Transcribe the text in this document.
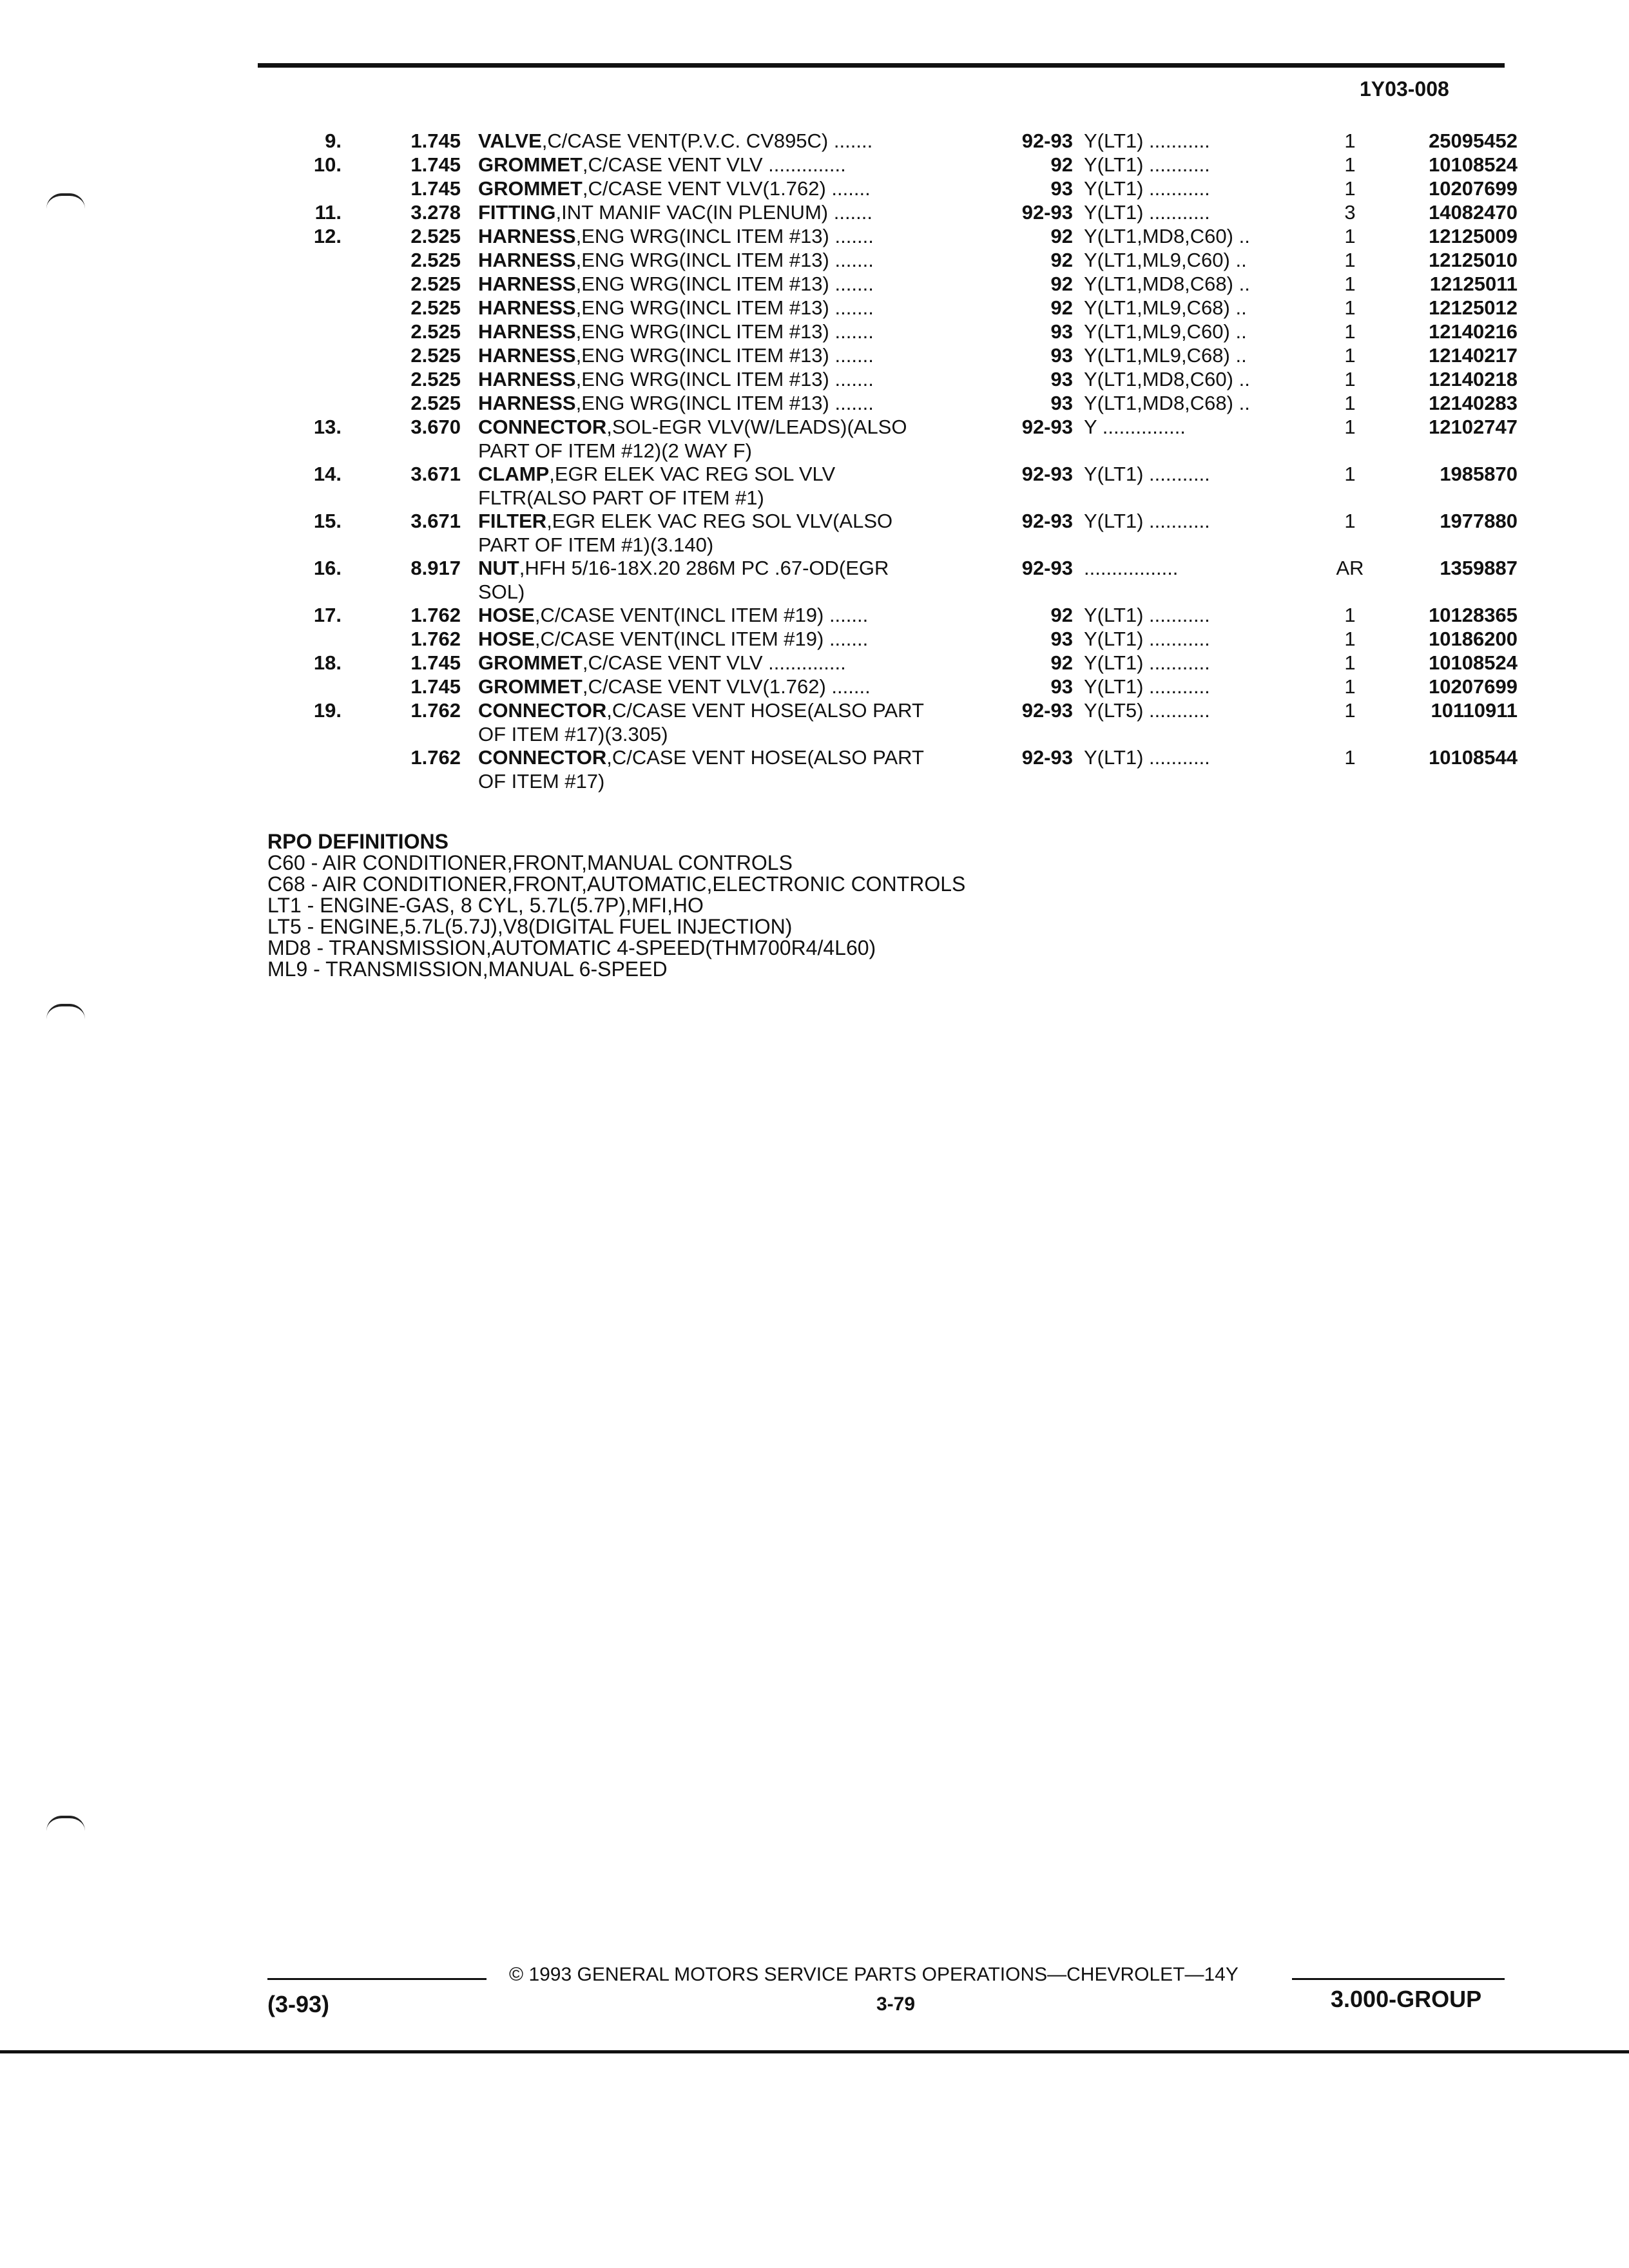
1Y03-008
9.	1.745 VALVE,C/CASE VENT(P.V.C. CV895C) .......	92-93 Y(LT1) ...........	1	25095452
10.	1.745 GROMMET,C/CASE VENT VLV ..............	92 Y(LT1) ...........	1	10108524
1.745 GROMMET,C/CASE VENT VLV(1.762) .......	93 Y(LT1) ...........	1	10207699
11.	3.278 FITTING,INT MANIF VAC(IN PLENUM) .......	92-93 Y(LT1) ...........	3	14082470
12.	2.525 HARNESS,ENG WRG(INCL ITEM #13) .......	92 Y(LT1,MD8,C60) ..	1	12125009
2.525 HARNESS,ENG WRG(INCL ITEM #13) .......	92 Y(LT1,ML9,C60) ..	1	12125010
2.525 HARNESS,ENG WRG(INCL ITEM #13) .......	92 Y(LT1,MD8,C68) ..	1	12125011
2.525 HARNESS,ENG WRG(INCL ITEM #13) .......	92 Y(LT1,ML9,C68) ..	1	12125012
2.525 HARNESS,ENG WRG(INCL ITEM #13) .......	93 Y(LT1,ML9,C60) ..	1	12140216
2.525 HARNESS,ENG WRG(INCL ITEM #13) .......	93 Y(LT1,ML9,C68) ..	1	12140217
2.525 HARNESS,ENG WRG(INCL ITEM #13) .......	93 Y(LT1,MD8,C60) ..	1	12140218
2.525 HARNESS,ENG WRG(INCL ITEM #13) .......	93 Y(LT1,MD8,C68) ..	1	12140283
13.	3.670 CONNECTOR,SOL-EGR VLV(W/LEADS)(ALSO	92-93 Y ...............	1	12102747
PART OF ITEM #12)(2 WAY F)
14.	3.671 CLAMP,EGR ELEK VAC REG SOL VLV	92-93 Y(LT1) ...........	1	1985870
FLTR(ALSO PART OF ITEM #1)
15.	3.671 FILTER,EGR ELEK VAC REG SOL VLV(ALSO	92-93 Y(LT1) ...........	1	1977880
PART OF ITEM #1)(3.140)
16.	8.917 NUT,HFH 5/16-18X.20 286M PC .67-OD(EGR	92-93 .................	AR	1359887
SOL)
17.	1.762 HOSE,C/CASE VENT(INCL ITEM #19) .......	92 Y(LT1) ...........	1	10128365
1.762 HOSE,C/CASE VENT(INCL ITEM #19) .......	93 Y(LT1) ...........	1	10186200
18.	1.745 GROMMET,C/CASE VENT VLV ..............	92 Y(LT1) ...........	1	10108524
1.745 GROMMET,C/CASE VENT VLV(1.762) .......	93 Y(LT1) ...........	1	10207699
19.	1.762 CONNECTOR,C/CASE VENT HOSE(ALSO PART	92-93 Y(LT5) ...........	1	10110911
OF ITEM #17)(3.305)
1.762 CONNECTOR,C/CASE VENT HOSE(ALSO PART	92-93 Y(LT1) ...........	1	10108544
OF ITEM #17)
RPO DEFINITIONS
C60 - AIR CONDITIONER,FRONT,MANUAL CONTROLS
C68 - AIR CONDITIONER,FRONT,AUTOMATIC,ELECTRONIC CONTROLS
LT1 - ENGINE-GAS, 8 CYL, 5.7L(5.7P),MFI,HO
LT5 - ENGINE,5.7L(5.7J),V8(DIGITAL FUEL INJECTION)
MD8 - TRANSMISSION,AUTOMATIC 4-SPEED(THM700R4/4L60)
ML9 - TRANSMISSION,MANUAL 6-SPEED
© 1993 GENERAL MOTORS SERVICE PARTS OPERATIONS—CHEVROLET—14Y
(3-93)	3-79	3.000-GROUP
